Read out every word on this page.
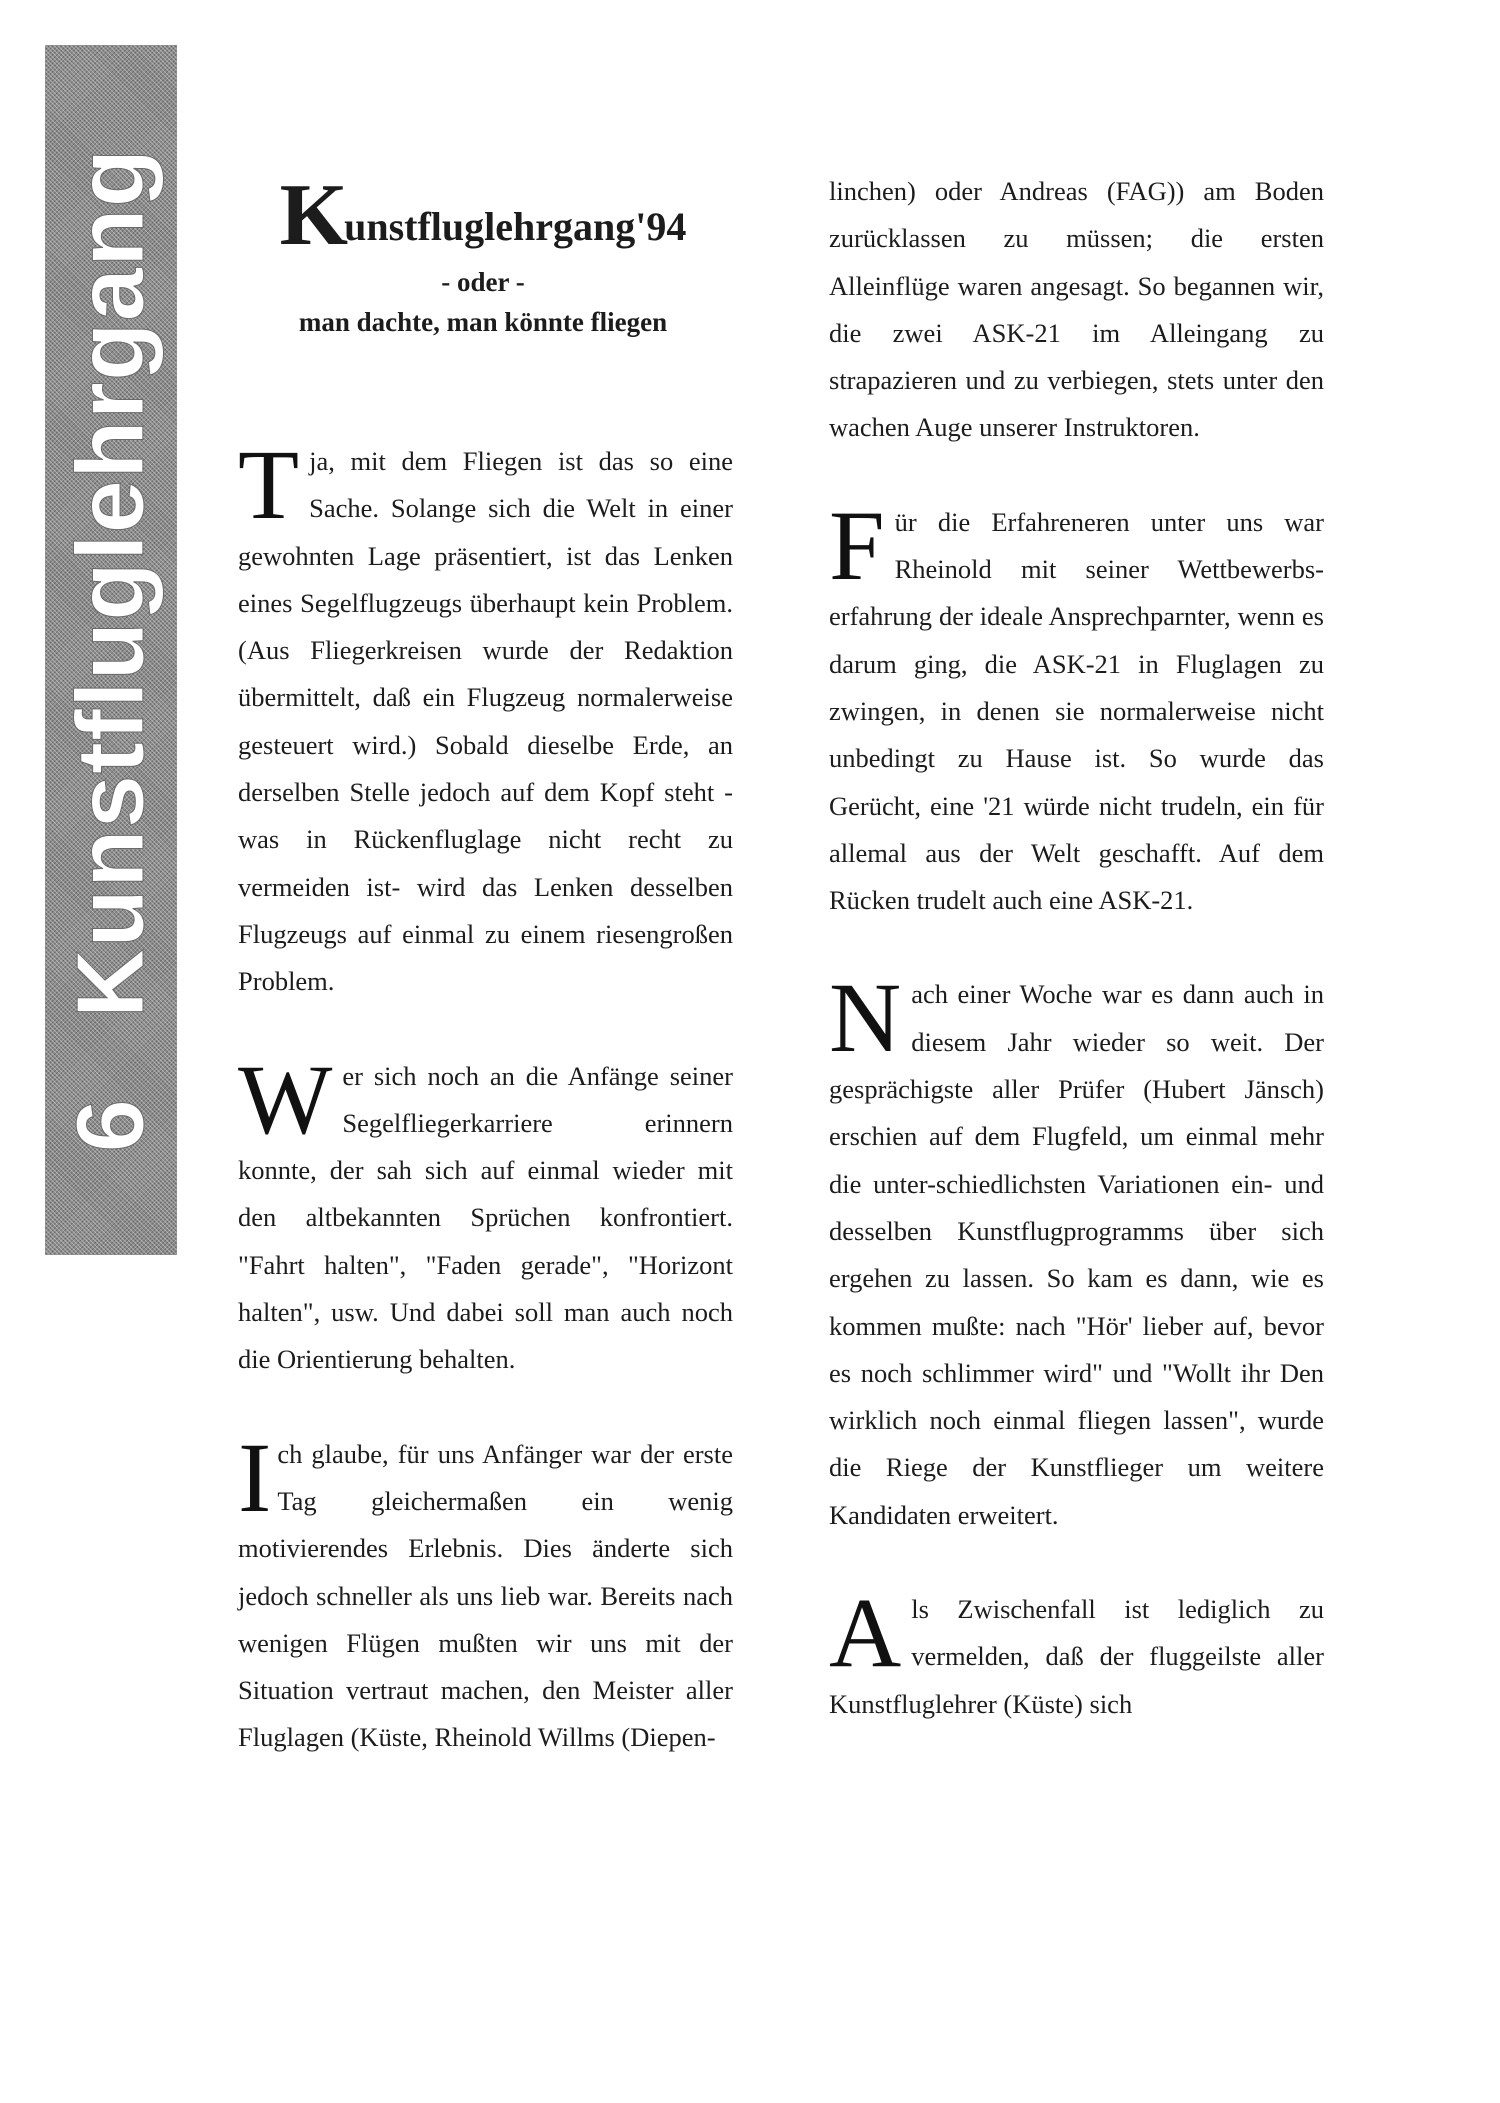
6Kunstfluglehrgang	Kunstfluglehrgang'94
- oder -
man dachte, man könnte fliegen

Tja, mit dem Fliegen ist das so eine Sache. Solange sich die Welt in einer gewohnten Lage präsentiert, ist das Lenken eines Segelflugzeugs überhaupt kein Problem. (Aus Fliegerkreisen wurde der Redaktion übermittelt, daß ein Flugzeug normalerweise gesteuert wird.) Sobald dieselbe Erde, an derselben Stelle jedoch auf dem Kopf steht -was in Rückenfluglage nicht recht zu vermeiden ist- wird das Lenken desselben Flugzeugs auf einmal zu einem riesengroßen Problem.

Wer sich noch an die Anfänge seiner Segelfliegerkarriere erinnern konnte, der sah sich auf einmal wieder mit den altbekannten Sprüchen konfrontiert. "Fahrt halten", "Faden gerade", "Horizont halten", usw. Und dabei soll man auch noch die Orientierung behalten.

Ich glaube, für uns Anfänger war der erste Tag gleichermaßen ein wenig motivierendes Erlebnis. Dies änderte sich jedoch schneller als uns lieb war. Bereits nach wenigen Flügen mußten wir uns mit der Situation vertraut machen, den Meister aller Fluglagen (Küste, Rheinold Willms (Diepen-

linchen) oder Andreas (FAG)) am Boden zurücklassen zu müssen; die ersten Alleinflüge waren angesagt. So begannen wir, die zwei ASK-21 im Alleingang zu strapazieren und zu verbiegen, stets unter den wachen Auge unserer Instruktoren.

Für die Erfahreneren unter uns war Rheinold mit seiner Wettbewerbs-erfahrung der ideale Ansprechparnter, wenn es darum ging, die ASK-21 in Fluglagen zu zwingen, in denen sie normalerweise nicht unbedingt zu Hause ist. So wurde das Gerücht, eine '21 würde nicht trudeln, ein für allemal aus der Welt geschafft. Auf dem Rücken trudelt auch eine ASK-21.

Nach einer Woche war es dann auch in diesem Jahr wieder so weit. Der gesprächigste aller Prüfer (Hubert Jänsch) erschien auf dem Flugfeld, um einmal mehr die unter-schiedlichsten Variationen ein- und desselben Kunstflugprogramms über sich ergehen zu lassen. So kam es dann, wie es kommen mußte: nach "Hör' lieber auf, bevor es noch schlimmer wird" und "Wollt ihr Den wirklich noch einmal fliegen lassen", wurde die Riege der Kunstflieger um weitere Kandidaten erweitert.

Als Zwischenfall ist lediglich zu vermelden, daß der fluggeilste aller Kunstfluglehrer (Küste) sich
